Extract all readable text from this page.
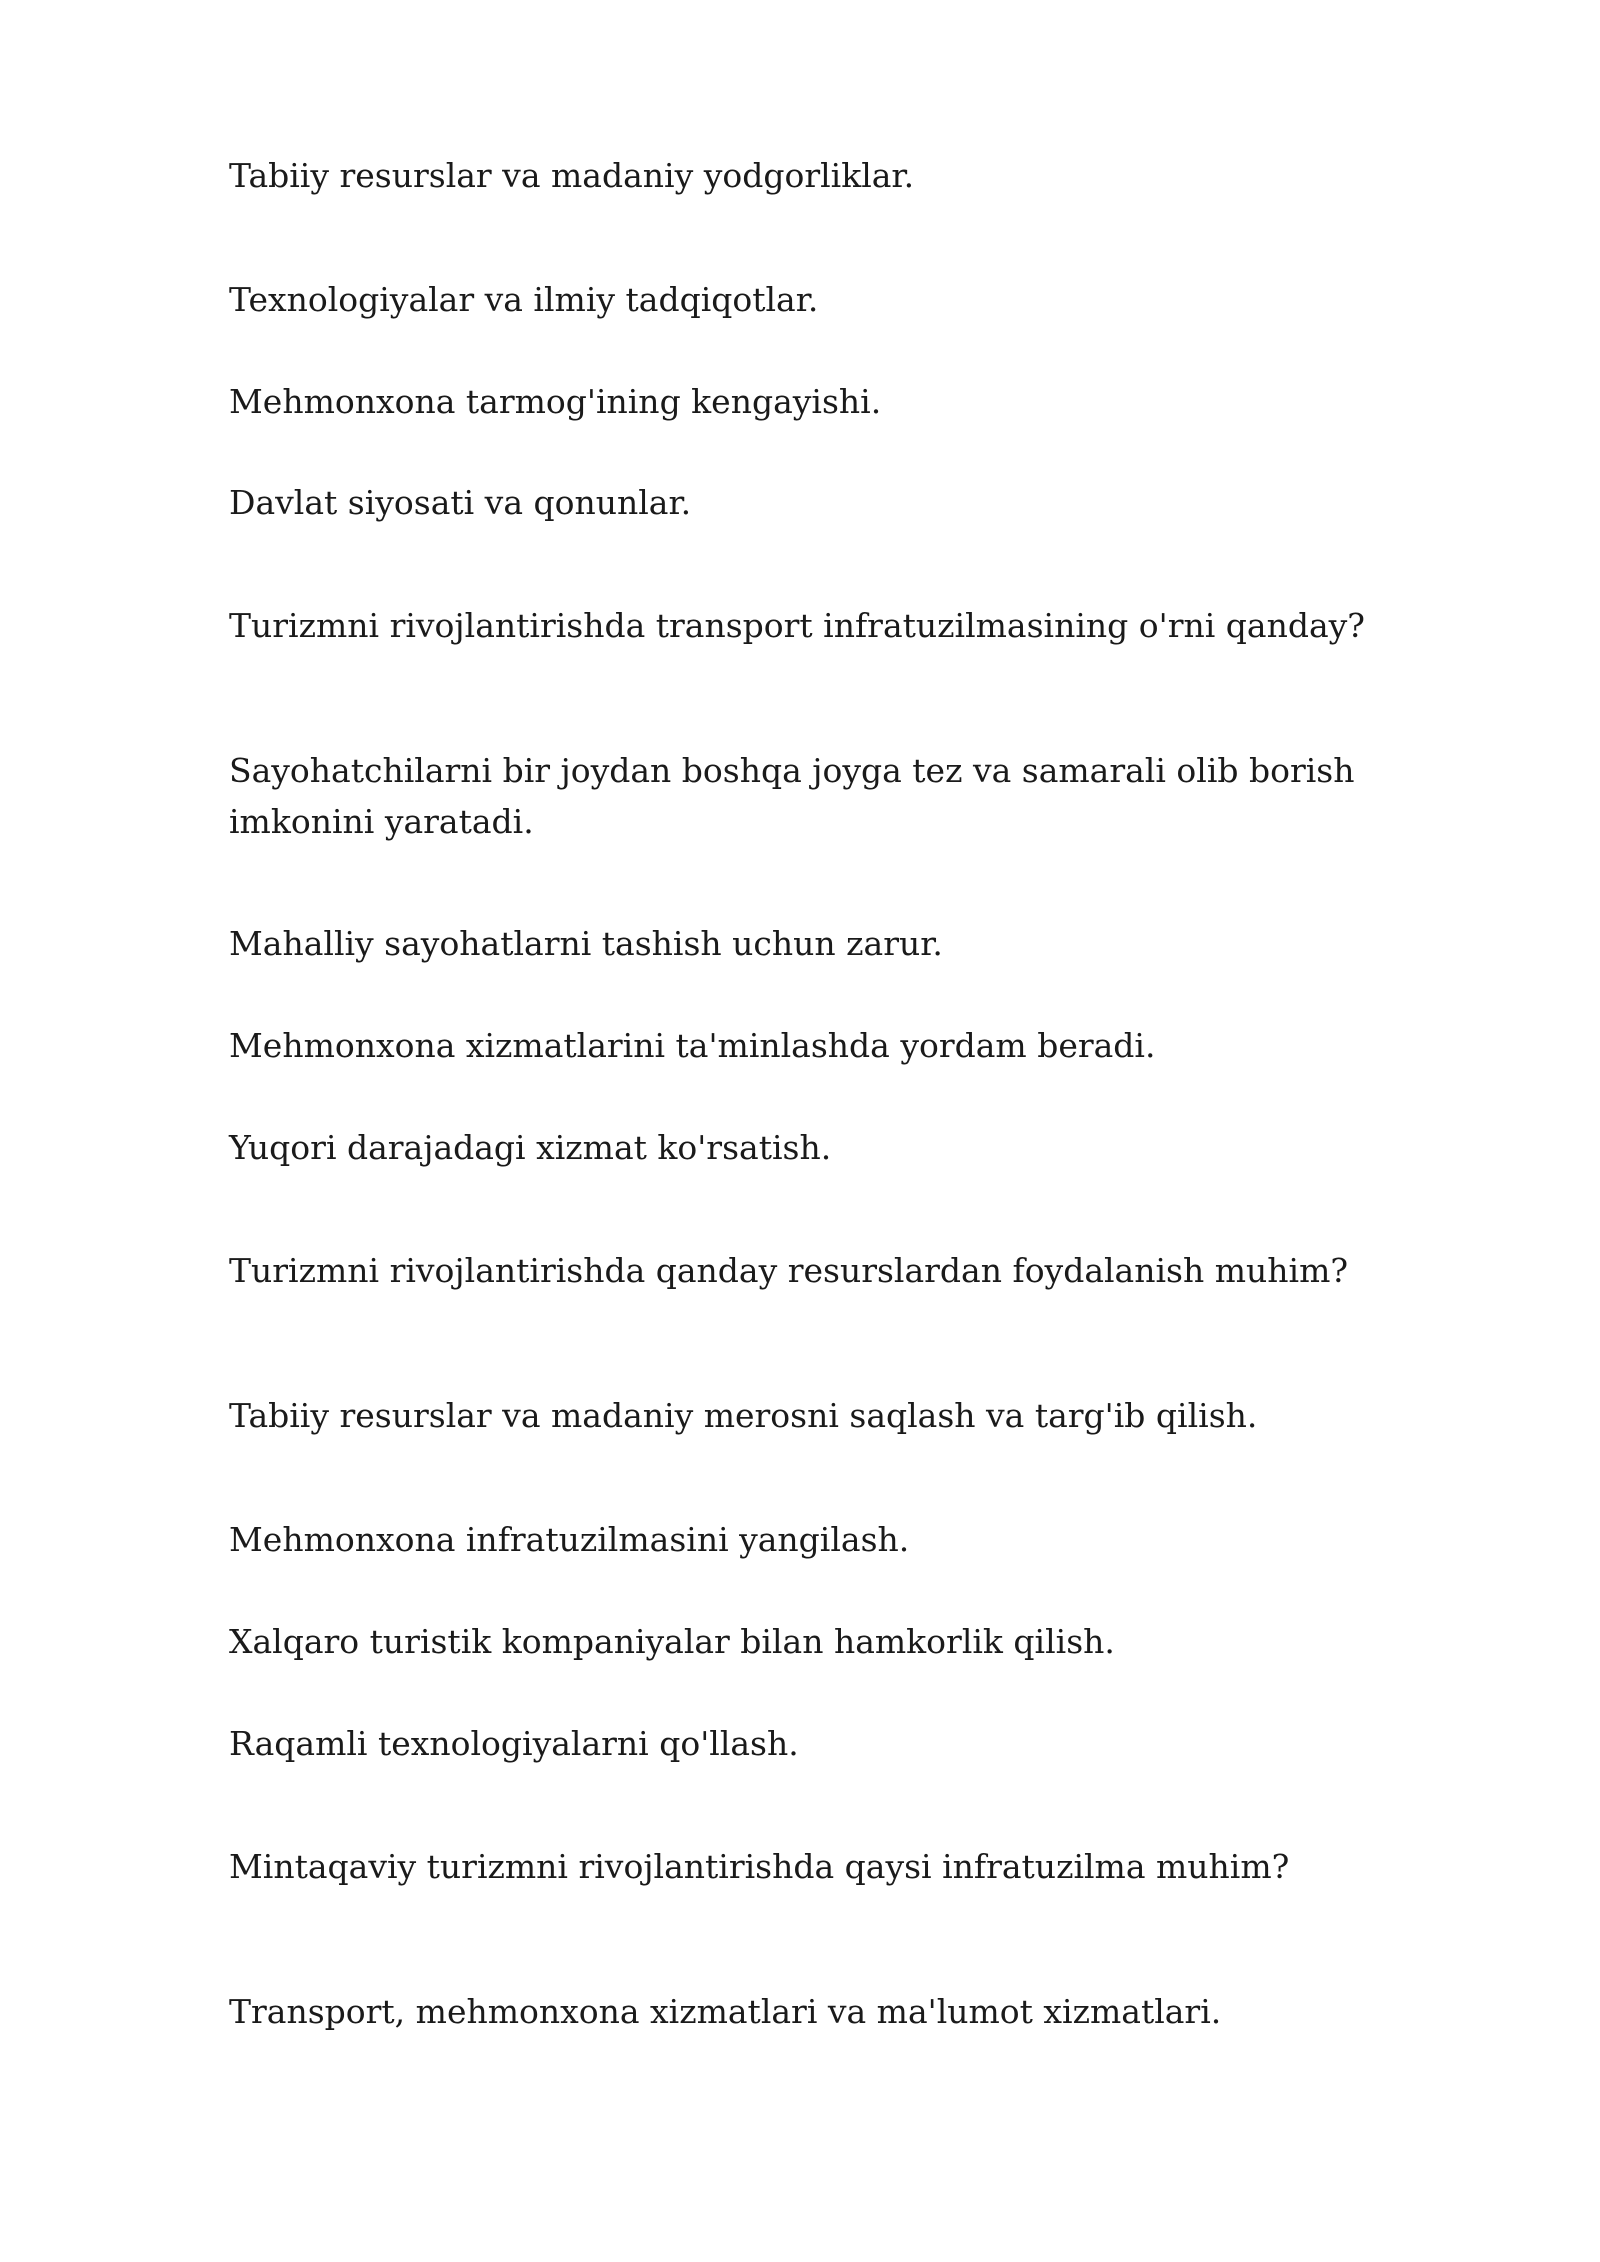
Tabiiy resurslar va madaniy yodgorliklar.

Texnologiyalar va ilmiy tadqiqotlar.

Mehmonxona tarmog'ining kengayishi.

Davlat siyosati va qonunlar.

Turizmni rivojlantirishda transport infratuzilmasining o'rni qanday?

Sayohatchilarni bir joydan boshqa joyga tez va samarali olib borish imkonini yaratadi.

Mahalliy sayohatlarni tashish uchun zarur.

Mehmonxona xizmatlarini ta'minlashda yordam beradi.

Yuqori darajadagi xizmat ko'rsatish.

Turizmni rivojlantirishda qanday resurslardan foydalanish muhim?

Tabiiy resurslar va madaniy merosni saqlash va targ'ib qilish.

Mehmonxona infratuzilmasini yangilash.

Xalqaro turistik kompaniyalar bilan hamkorlik qilish.

Raqamli texnologiyalarni qo'llash.

Mintaqaviy turizmni rivojlantirishda qaysi infratuzilma muhim?

Transport, mehmonxona xizmatlari va ma'lumot xizmatlari.
